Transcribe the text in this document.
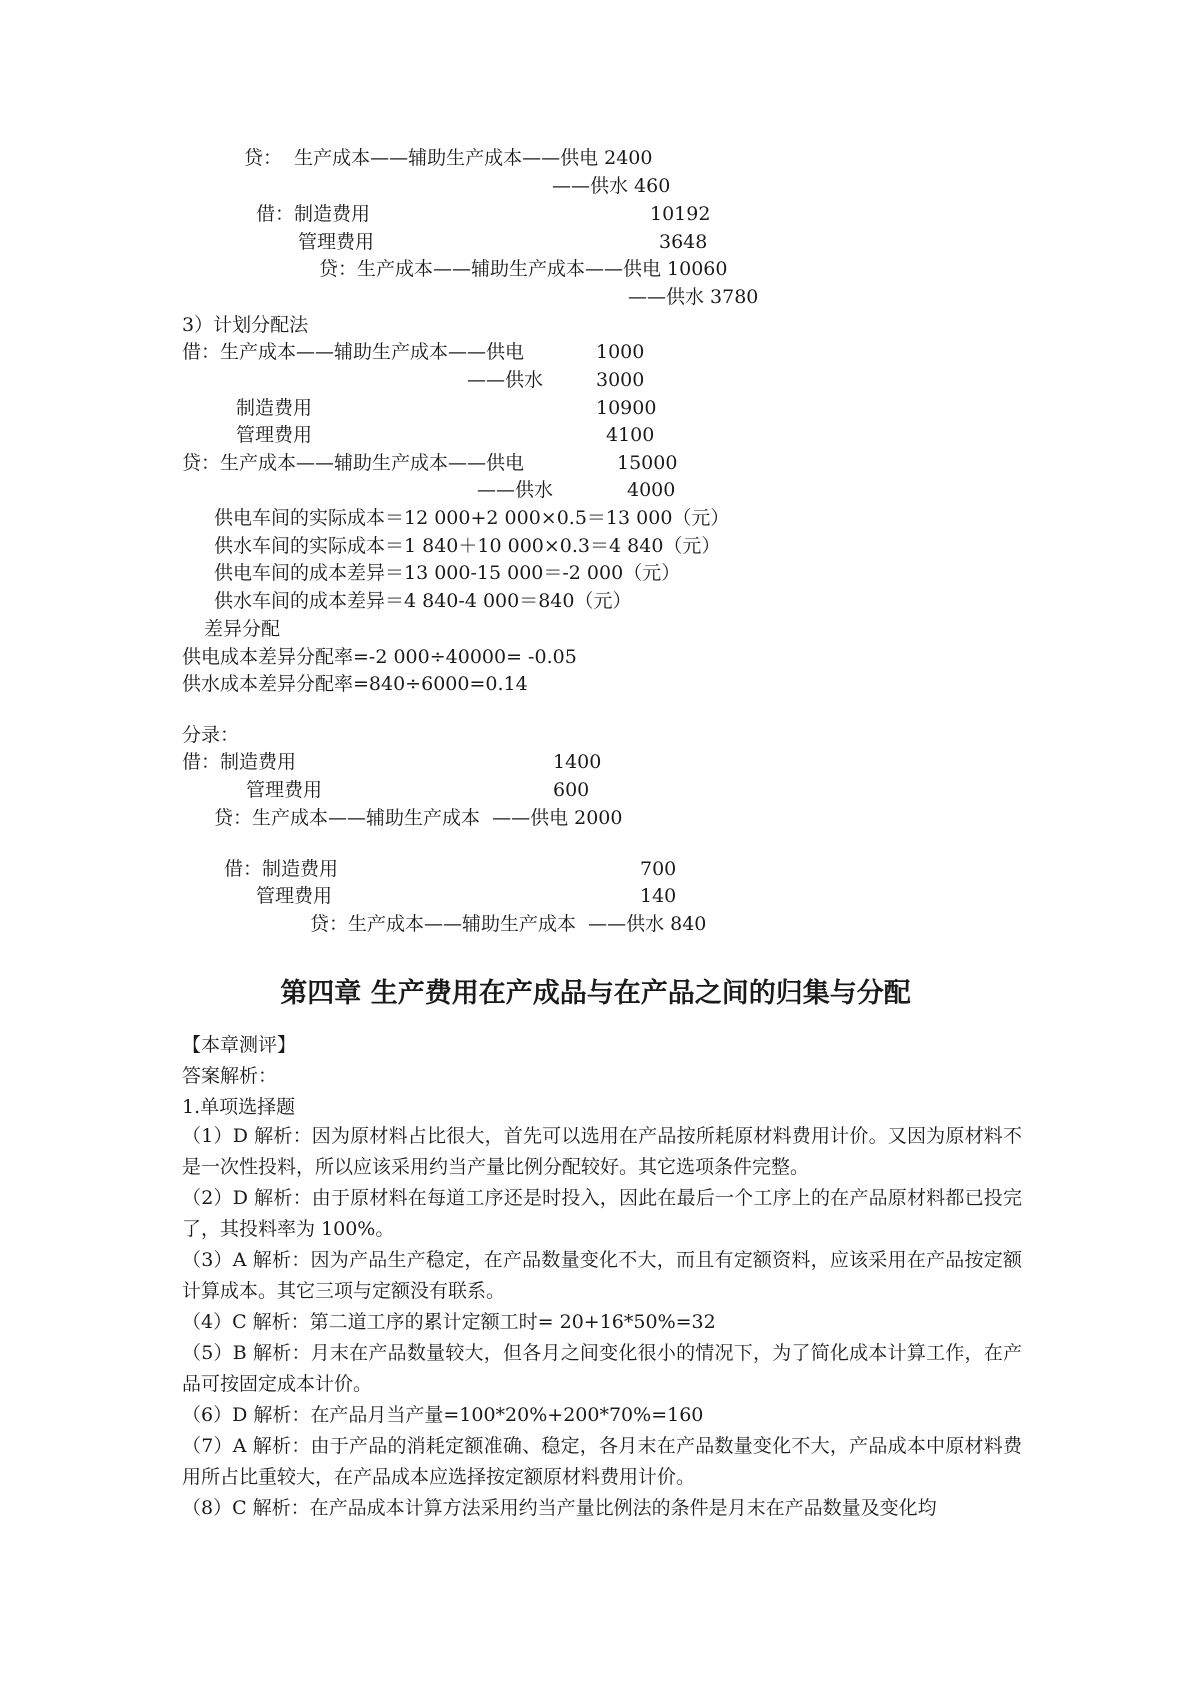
贷：  生产成本——辅助生产成本——供电 2400
——供水 460
借：制造费用	10192
管理费用	3648
贷：生产成本——辅助生产成本——供电 10060
——供水 3780
3）计划分配法
借：生产成本——辅助生产成本——供电	1000
——供水	3000
制造费用	10900
管理费用	4100
贷：生产成本——辅助生产成本——供电	15000
——供水	4000
供电车间的实际成本＝12 000+2 000×0.5＝13 000（元）
供水车间的实际成本＝1 840＋10 000×0.3＝4 840（元）
供电车间的成本差异＝13 000-15 000＝-2 000（元）
供水车间的成本差异＝4 840-4 000＝840（元）
差异分配
供电成本差异分配率=-2 000÷40000= -0.05
供水成本差异分配率=840÷6000=0.14
分录：
借：制造费用	1400
管理费用	600
贷：生产成本——辅助生产成本  ——供电 2000
借：制造费用	700
管理费用	140
贷：生产成本——辅助生产成本  ——供水 840
第四章 生产费用在产成品与在产品之间的归集与分配
【本章测评】
答案解析：
1.单项选择题
（1）D 解析：因为原材料占比很大，首先可以选用在产品按所耗原材料费用计价。又因为原材料不是一次性投料，所以应该采用约当产量比例分配较好。其它选项条件完整。
（2）D 解析：由于原材料在每道工序还是时投入，因此在最后一个工序上的在产品原材料都已投完了，其投料率为 100%。
（3）A 解析：因为产品生产稳定，在产品数量变化不大，而且有定额资料，应该采用在产品按定额计算成本。其它三项与定额没有联系。
（4）C 解析：第二道工序的累计定额工时= 20+16*50%=32
（5）B 解析：月末在产品数量较大，但各月之间变化很小的情况下，为了简化成本计算工作，在产品可按固定成本计价。
（6）D 解析：在产品月当产量=100*20%+200*70%=160
（7）A 解析：由于产品的消耗定额准确、稳定，各月末在产品数量变化不大，产品成本中原材料费用所占比重较大，在产品成本应选择按定额原材料费用计价。
（8）C 解析：在产品成本计算方法采用约当产量比例法的条件是月末在产品数量及变化均
